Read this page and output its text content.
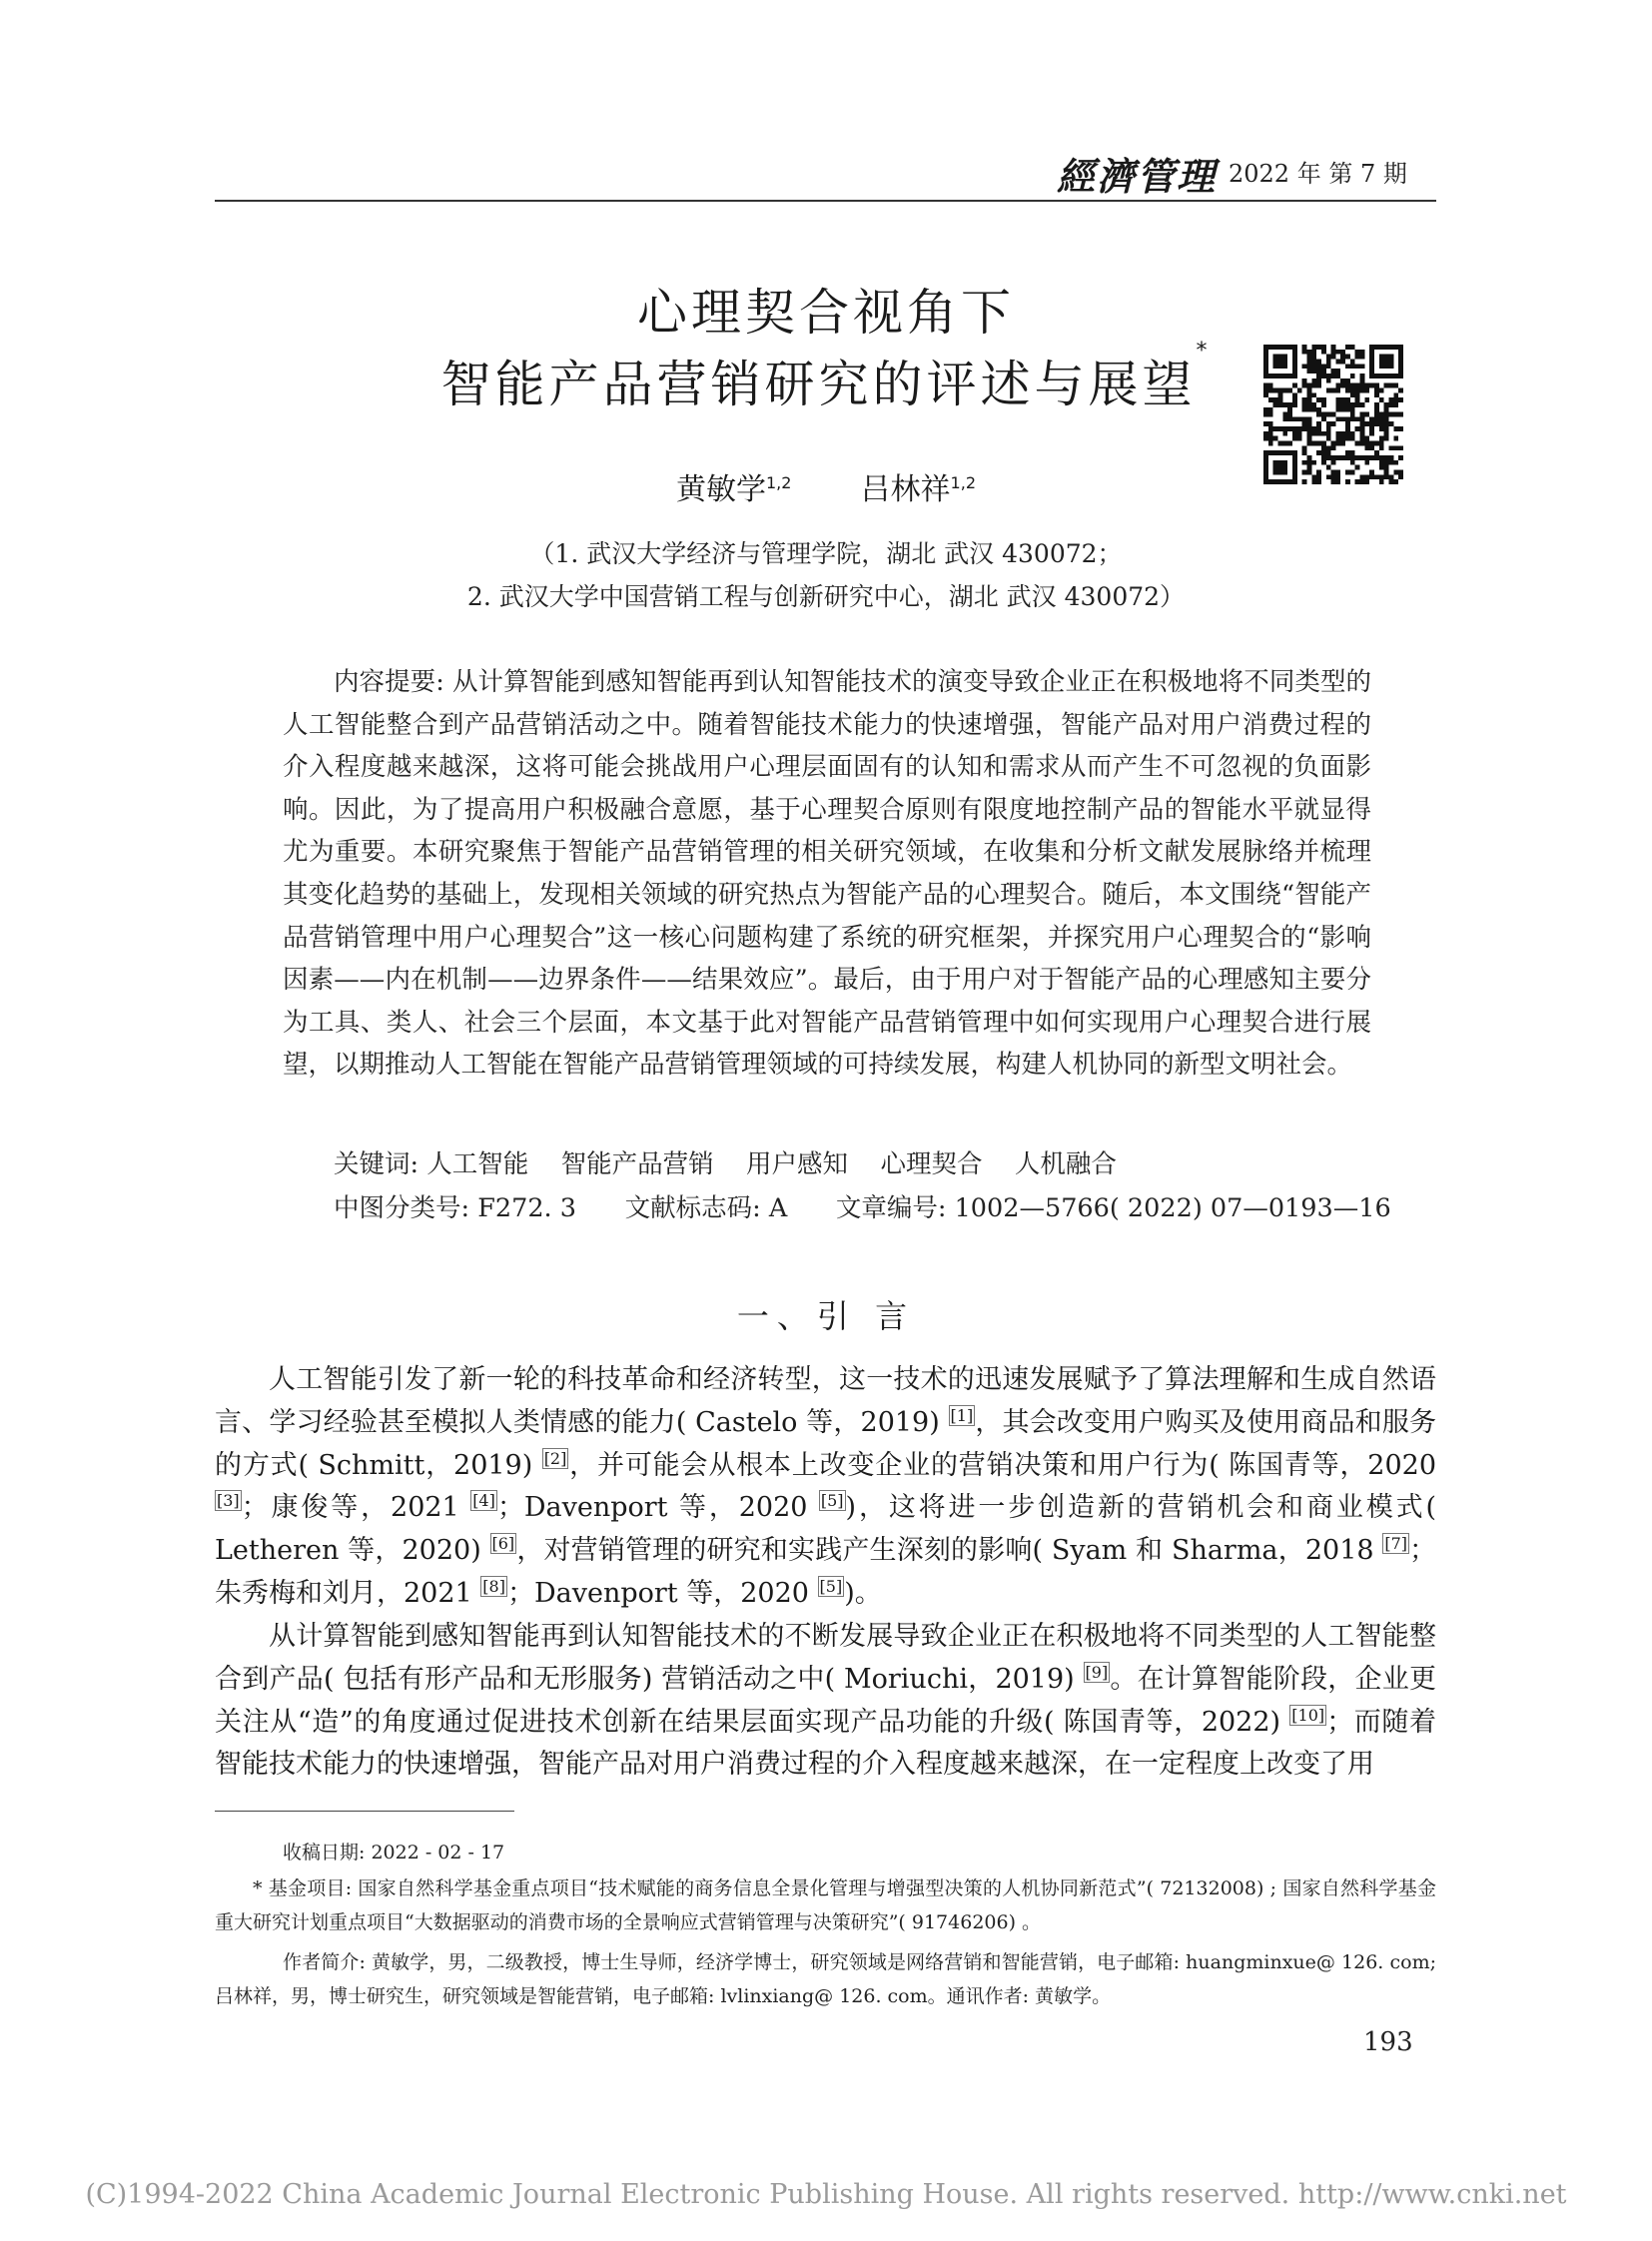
經濟管理 2022 年 第 7 期
心理契合视角下
智能产品营销研究的评述与展望*
黄敏学$^{1,2}$ 吕林祥$^{1,2}$
（1. 武汉大学经济与管理学院，湖北 武汉 430072；
2. 武汉大学中国营销工程与创新研究中心，湖北 武汉 430072）
内容提要: 从计算智能到感知智能再到认知智能技术的演变导致企业正在积极地将不同类型的人工智能整合到产品营销活动之中。随着智能技术能力的快速增强，智能产品对用户消费过程的介入程度越来越深，这将可能会挑战用户心理层面固有的认知和需求从而产生不可忽视的负面影响。因此，为了提高用户积极融合意愿，基于心理契合原则有限度地控制产品的智能水平就显得尤为重要。本研究聚焦于智能产品营销管理的相关研究领域，在收集和分析文献发展脉络并梳理其变化趋势的基础上，发现相关领域的研究热点为智能产品的心理契合。随后，本文围绕“智能产品营销管理中用户心理契合”这一核心问题构建了系统的研究框架，并探究用户心理契合的“影响因素——内在机制——边界条件——结果效应”。最后，由于用户对于智能产品的心理感知主要分为工具、类人、社会三个层面，本文基于此对智能产品营销管理中如何实现用户心理契合进行展望，以期推动人工智能在智能产品营销管理领域的可持续发展，构建人机协同的新型文明社会。
关键词: 人工智能    智能产品营销    用户感知    心理契合    人机融合
中图分类号: F272. 3      文献标志码: A      文章编号: 1002—5766( 2022) 07—0193—16
一、引 言
人工智能引发了新一轮的科技革命和经济转型，这一技术的迅速发展赋予了算法理解和生成自然语言、学习经验甚至模拟人类情感的能力( Castelo 等，2019) [1]，其会改变用户购买及使用商品和服务的方式( Schmitt，2019) [2]，并可能会从根本上改变企业的营销决策和用户行为( 陈国青等，2020 [3]；康俊等，2021 [4]；Davenport 等，2020 [5])，这将进一步创造新的营销机会和商业模式( Letheren 等，2020) [6]，对营销管理的研究和实践产生深刻的影响( Syam 和 Sharma，2018 [7]；朱秀梅和刘月，2021 [8]；Davenport 等，2020 [5])。
从计算智能到感知智能再到认知智能技术的不断发展导致企业正在积极地将不同类型的人工智能整合到产品( 包括有形产品和无形服务) 营销活动之中( Moriuchi，2019) [9]。在计算智能阶段，企业更关注从“造”的角度通过促进技术创新在结果层面实现产品功能的升级( 陈国青等，2022) [10]；而随着智能技术能力的快速增强，智能产品对用户消费过程的介入程度越来越深，在一定程度上改变了用
收稿日期: 2022 - 02 - 17
* 基金项目: 国家自然科学基金重点项目“技术赋能的商务信息全景化管理与增强型决策的人机协同新范式”( 72132008) ; 国家自然科学基金重大研究计划重点项目“大数据驱动的消费市场的全景响应式营销管理与决策研究”( 91746206) 。
作者简介: 黄敏学，男，二级教授，博士生导师，经济学博士，研究领域是网络营销和智能营销，电子邮箱: huangminxue@ 126. com; 吕林祥，男，博士研究生，研究领域是智能营销，电子邮箱: lvlinxiang@ 126. com。通讯作者: 黄敏学。
193
(C)1994-2022 China Academic Journal Electronic Publishing House. All rights reserved. http://www.cnki.net
